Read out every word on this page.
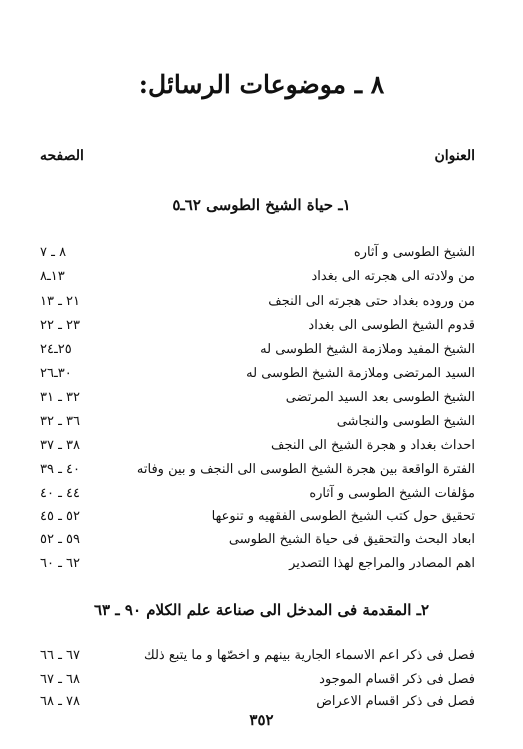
٨ ـ موضوعات الرسائل:
العنوان
الصفحه
١ـ حياة الشيخ الطوسى ٦٢ـ٥
الشيخ الطوسى و آثاره
٨ ـ ٧
من ولادته الى هجرته الى بغداد
١٣ـ٨
من وروده بغداد حتى هجرته الى النجف
٢١ ـ ١٣
قدوم الشيخ الطوسى الى بغداد
٢٣ ـ ٢٢
الشيخ المفيد وملازمة الشيخ الطوسى له
٢٥ـ٢٤
السيد المرتضى وملازمة الشيخ الطوسى له
٣٠ـ٢٦
الشيخ الطوسى بعد السيد المرتضى
٣٢ ـ ٣١
الشيخ الطوسى والنجاشى
٣٦ ـ ٣٢
احداث بغداد و هجرة الشيخ الى النجف
٣٨ ـ ٣٧
الفترة الواقعة بين هجرة الشيخ الطوسى الى النجف و بين وفاته
٤٠ ـ ٣٩
مؤلفات الشيخ الطوسى و آثاره
٤٤ ـ ٤٠
تحقيق حول كتب الشيخ الطوسى الفقهيه و تنوعها
٥٢ ـ ٤٥
ابعاد البحث والتحقيق فى حياة الشيخ الطوسى
٥٩ ـ ٥٢
اهم المصادر والمراجع لهذا التصدير
٦٢ ـ ٦٠
٢ـ المقدمة فى المدخل الى صناعة علم الكلام ٩٠ ـ ٦٣
فصل فى ذكر اعم الاسماء الجارية بينهم و اخصّها و ما يتبع ذلك
٦٧ ـ ٦٦
فصل فى ذكر اقسام الموجود
٦٨ ـ ٦٧
فصل فى ذكر اقسام الاعراض
٧٨ ـ ٦٨
٣٥٢
